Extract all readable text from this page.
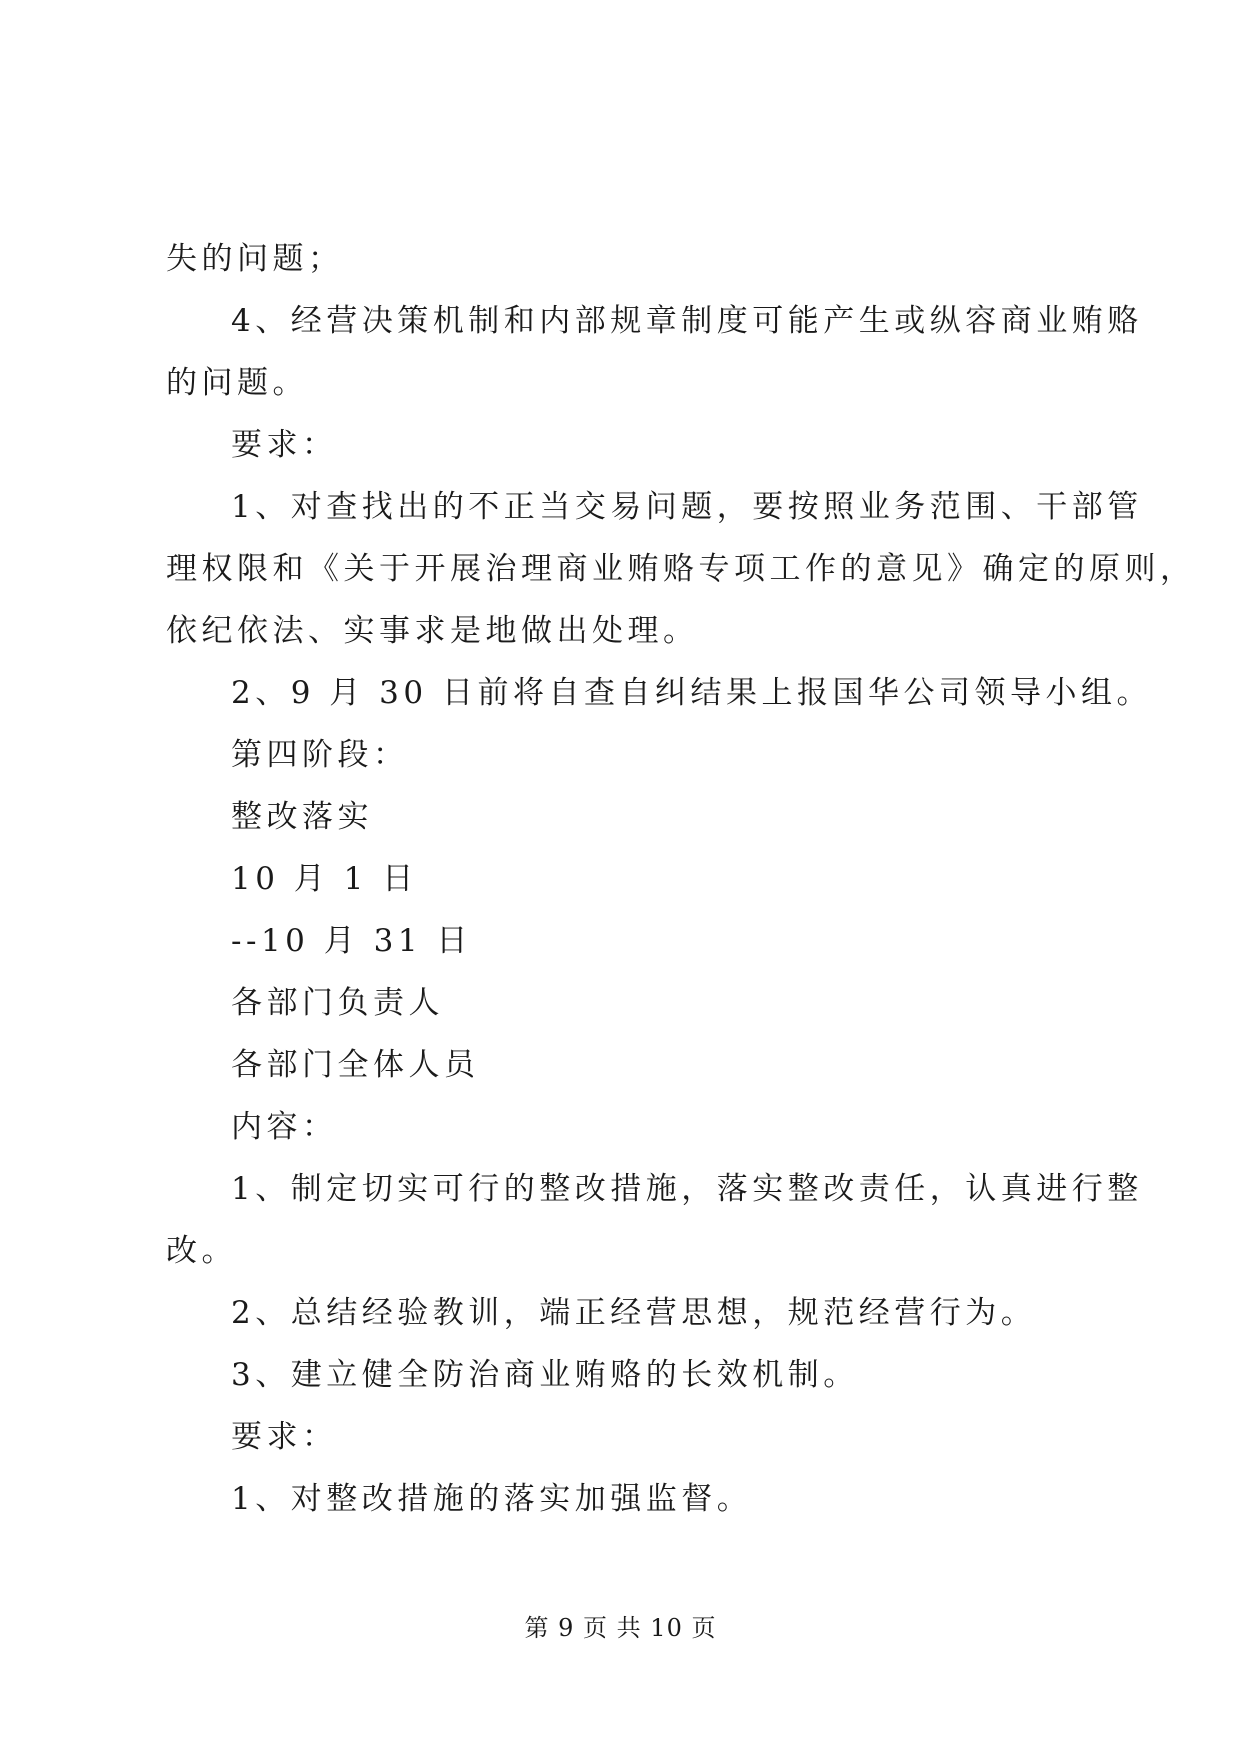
失的问题；
4、经营决策机制和内部规章制度可能产生或纵容商业贿赂
的问题。
要求：
1、对查找出的不正当交易问题，要按照业务范围、干部管
理权限和《关于开展治理商业贿赂专项工作的意见》确定的原则，
依纪依法、实事求是地做出处理。
2、9 月 30 日前将自查自纠结果上报国华公司领导小组。
第四阶段：
整改落实
10 月 1 日
--10 月 31 日
各部门负责人
各部门全体人员
内容：
1、制定切实可行的整改措施，落实整改责任，认真进行整
改。
2、总结经验教训，端正经营思想，规范经营行为。
3、建立健全防治商业贿赂的长效机制。
要求：
1、对整改措施的落实加强监督。
第 9 页 共 10 页
